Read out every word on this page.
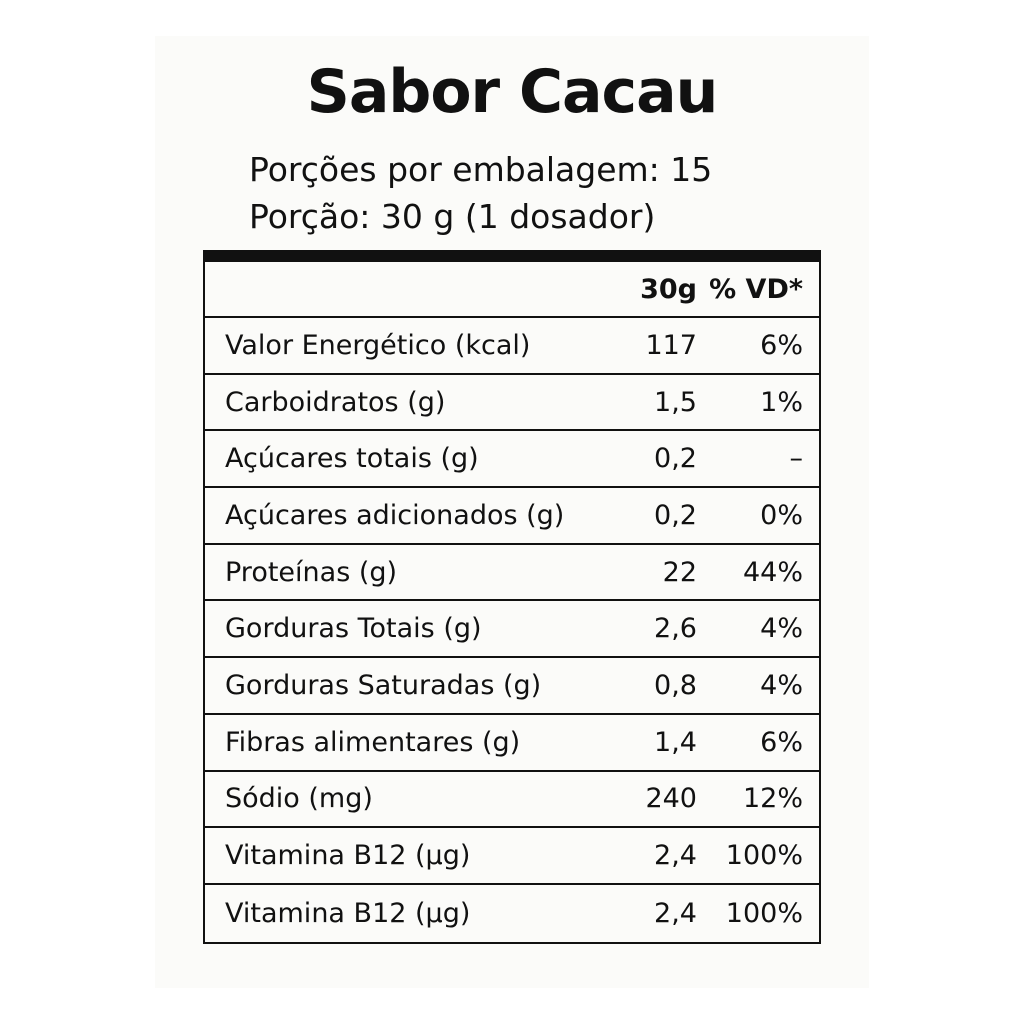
Sabor Cacau
Porções por embalagem: 15
Porção: 30 g (1 dosador)
30g % VD*
Valor Energético (kcal)	117 6%
Carboidratos (g)	1,5 1%
Açúcares totais (g)	0,2	–
Açúcares adicionados (g)	0,2 0%
Proteínas (g)	22 44%
Gorduras Totais (g)	2,6 4%
Gorduras Saturadas (g)	0,8 4%
Fibras alimentares (g)	1,4 6%
Sódio (mg)	240 12%
Vitamina B12 (µg)	2,4 100%
Vitamina B12 (µg)	2,4 100%
